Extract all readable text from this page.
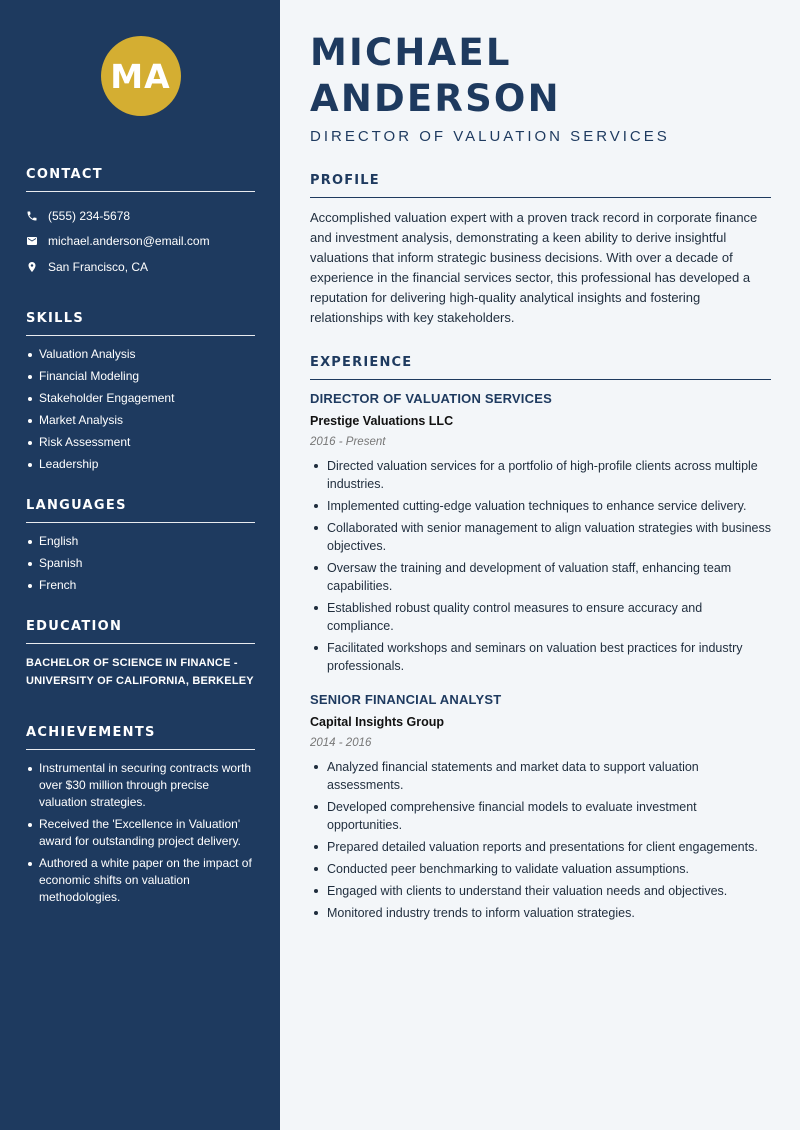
MA
CONTACT
(555) 234-5678
michael.anderson@email.com
San Francisco, CA
SKILLS
Valuation Analysis
Financial Modeling
Stakeholder Engagement
Market Analysis
Risk Assessment
Leadership
LANGUAGES
English
Spanish
French
EDUCATION

BACHELOR OF SCIENCE IN FINANCE - UNIVERSITY OF CALIFORNIA, BERKELEY

ACHIEVEMENTS
Instrumental in securing contracts worth over $30 million through precise valuation strategies.
Received the 'Excellence in Valuation' award for outstanding project delivery.
Authored a white paper on the impact of economic shifts on valuation methodologies.
MICHAEL ANDERSON
DIRECTOR OF VALUATION SERVICES
PROFILE

Accomplished valuation expert with a proven track record in corporate finance and investment analysis, demonstrating a keen ability to derive insightful valuations that inform strategic business decisions. With over a decade of experience in the financial services sector, this professional has developed a reputation for delivering high-quality analytical insights and fostering relationships with key stakeholders.

EXPERIENCE
DIRECTOR OF VALUATION SERVICES
Prestige Valuations LLC
2016 - Present
Directed valuation services for a portfolio of high-profile clients across multiple industries.
Implemented cutting-edge valuation techniques to enhance service delivery.
Collaborated with senior management to align valuation strategies with business objectives.
Oversaw the training and development of valuation staff, enhancing team capabilities.
Established robust quality control measures to ensure accuracy and compliance.
Facilitated workshops and seminars on valuation best practices for industry professionals.
SENIOR FINANCIAL ANALYST
Capital Insights Group
2014 - 2016
Analyzed financial statements and market data to support valuation assessments.
Developed comprehensive financial models to evaluate investment opportunities.
Prepared detailed valuation reports and presentations for client engagements.
Conducted peer benchmarking to validate valuation assumptions.
Engaged with clients to understand their valuation needs and objectives.
Monitored industry trends to inform valuation strategies.
